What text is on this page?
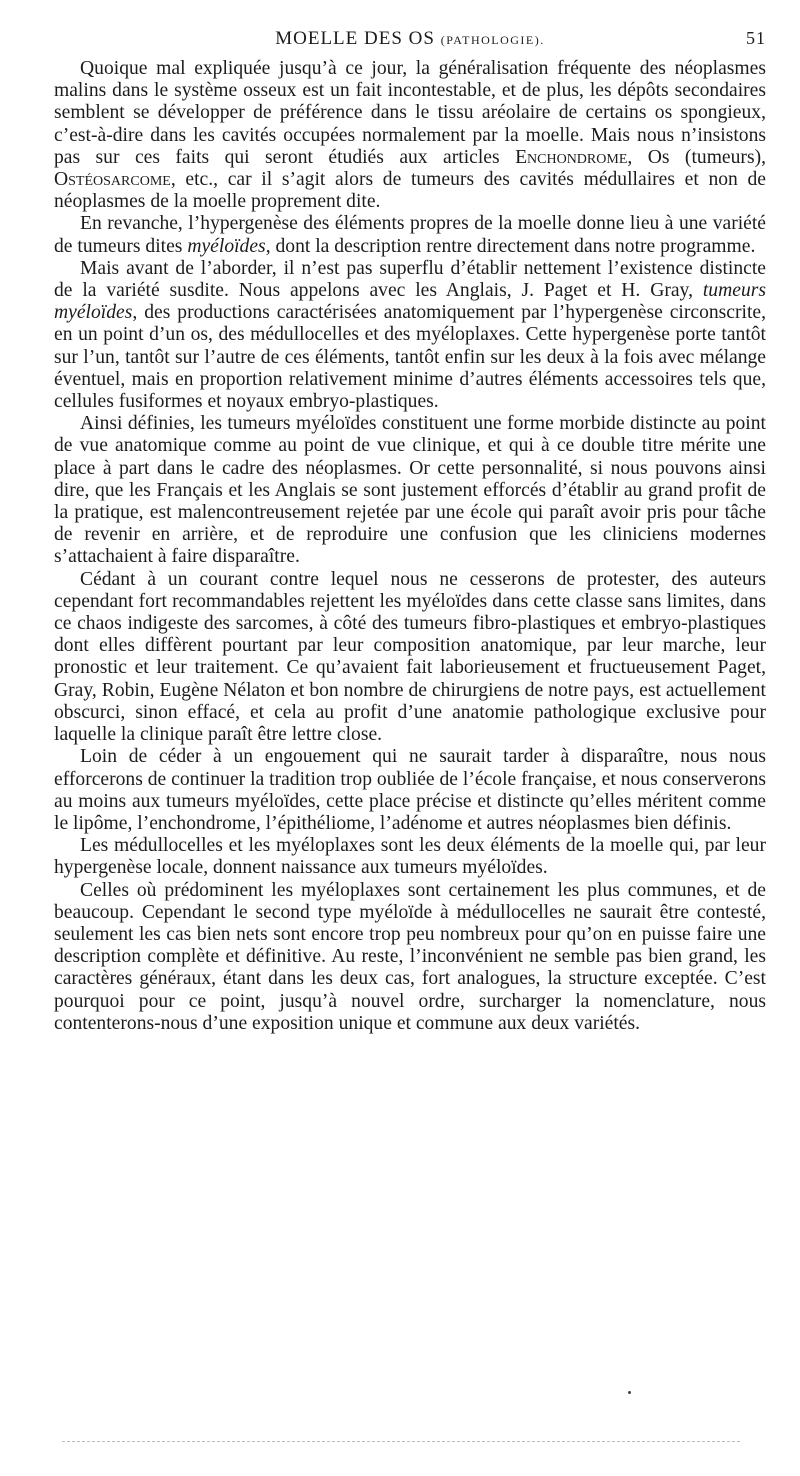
MOELLE DES OS (PATHOLOGIE).	51

Quoique mal expliquée jusqu’à ce jour, la généralisation fréquente des néoplasmes malins dans le système osseux est un fait incontestable, et de plus, les dépôts secondaires semblent se développer de préférence dans le tissu aréolaire de certains os spongieux, c’est-à-dire dans les cavités occupées normalement par la moelle. Mais nous n’insistons pas sur ces faits qui seront étudiés aux articles Enchondrome, Os (tumeurs), Ostéosarcome, etc., car il s’agit alors de tumeurs des cavités médullaires et non de néoplasmes de la moelle proprement dite.

En revanche, l’hypergenèse des éléments propres de la moelle donne lieu à une variété de tumeurs dites myéloïdes, dont la description rentre directement dans notre programme.

Mais avant de l’aborder, il n’est pas superflu d’établir nettement l’existence distincte de la variété susdite. Nous appelons avec les Anglais, J. Paget et H. Gray, tumeurs myéloïdes, des productions caractérisées anatomiquement par l’hypergenèse circonscrite, en un point d’un os, des médullocelles et des myéloplaxes. Cette hypergenèse porte tantôt sur l’un, tantôt sur l’autre de ces éléments, tantôt enfin sur les deux à la fois avec mélange éventuel, mais en proportion relativement minime d’autres éléments accessoires tels que, cellules fusiformes et noyaux embryo-plastiques.

Ainsi définies, les tumeurs myéloïdes constituent une forme morbide distincte au point de vue anatomique comme au point de vue clinique, et qui à ce double titre mérite une place à part dans le cadre des néoplasmes. Or cette personnalité, si nous pouvons ainsi dire, que les Français et les Anglais se sont justement efforcés d’établir au grand profit de la pratique, est malencontreusement rejetée par une école qui paraît avoir pris pour tâche de revenir en arrière, et de reproduire une confusion que les cliniciens modernes s’attachaient à faire disparaître.

Cédant à un courant contre lequel nous ne cesserons de protester, des auteurs cependant fort recommandables rejettent les myéloïdes dans cette classe sans limites, dans ce chaos indigeste des sarcomes, à côté des tumeurs fibro-plastiques et embryo-plastiques dont elles diffèrent pourtant par leur composition anatomique, par leur marche, leur pronostic et leur traitement. Ce qu’avaient fait laborieusement et fructueusement Paget, Gray, Robin, Eugène Nélaton et bon nombre de chirurgiens de notre pays, est actuellement obscurci, sinon effacé, et cela au profit d’une anatomie pathologique exclusive pour laquelle la clinique paraît être lettre close.

Loin de céder à un engouement qui ne saurait tarder à disparaître, nous nous efforcerons de continuer la tradition trop oubliée de l’école française, et nous conserverons au moins aux tumeurs myéloïdes, cette place précise et distincte qu’elles méritent comme le lipôme, l’enchondrome, l’épithéliome, l’adénome et autres néoplasmes bien définis.

Les médullocelles et les myéloplaxes sont les deux éléments de la moelle qui, par leur hypergenèse locale, donnent naissance aux tumeurs myéloïdes.

Celles où prédominent les myéloplaxes sont certainement les plus communes, et de beaucoup. Cependant le second type myéloïde à médullocelles ne saurait être contesté, seulement les cas bien nets sont encore trop peu nombreux pour qu’on en puisse faire une description complète et définitive. Au reste, l’inconvénient ne semble pas bien grand, les caractères généraux, étant dans les deux cas, fort analogues, la structure exceptée. C’est pourquoi pour ce point, jusqu’à nouvel ordre, surcharger la nomenclature, nous contenterons-nous d’une exposition unique et commune aux deux variétés.
